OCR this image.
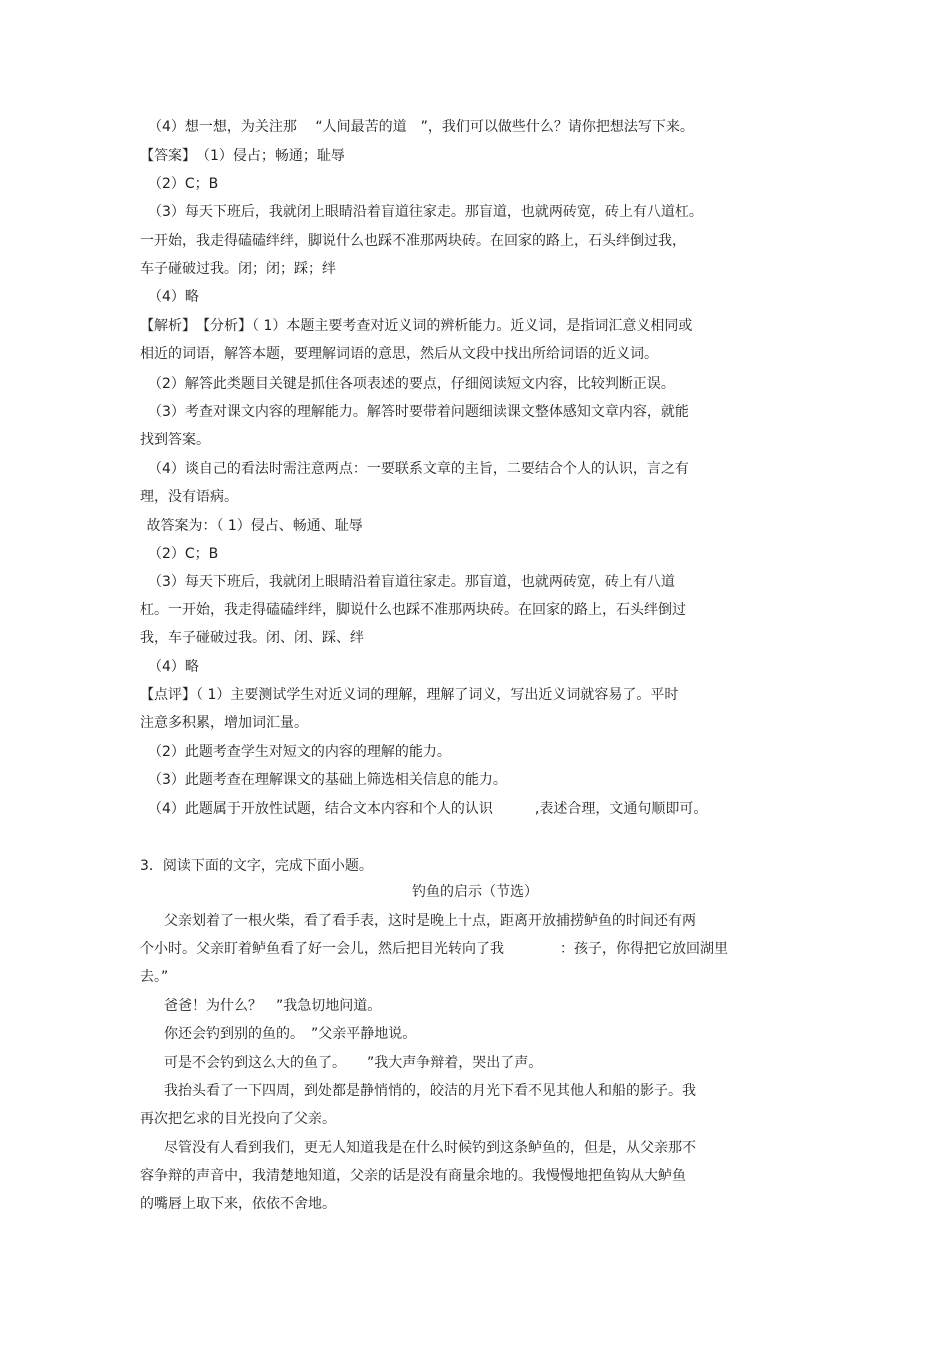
（4）想一想，为关注那　 “人间最苦的道　”，我们可以做些什么？请你把想法写下来。
【答案】　（1）侵占；畅通；耻辱
（2）C；B
（3）每天下班后，我就闭上眼睛沿着盲道往家走。那盲道，也就两砖宽，砖上有八道杠。
一开始，我走得磕磕绊绊，脚说什么也踩不准那两块砖。在回家的路上，石头绊倒过我，
车子碰破过我。闭；闭；踩；绊
（4）略
【解析】　【分析】（ 1）本题主要考查对近义词的辨析能力。近义词，是指词汇意义相同或
相近的词语，解答本题，要理解词语的意思，然后从文段中找出所给词语的近义词。
（2）解答此类题目关键是抓住各项表述的要点，仔细阅读短文内容，比较判断正误。
（3）考查对课文内容的理解能力。解答时要带着问题细读课文整体感知文章内容，就能
找到答案。
（4）谈自己的看法时需注意两点：一要联系文章的主旨，二要结合个人的认识，言之有
理，没有语病。
故答案为：（ 1）侵占、畅通、耻辱
（2）C；B
（3）每天下班后，我就闭上眼睛沿着盲道往家走。那盲道，也就两砖宽，砖上有八道
杠。一开始，我走得磕磕绊绊，脚说什么也踩不准那两块砖。在回家的路上，石头绊倒过
我，车子碰破过我。闭、闭、踩、绊
（4）略
【点评】（ 1）主要测试学生对近义词的理解，理解了词义，写出近义词就容易了。平时
注意多积累，增加词汇量。
（2）此题考查学生对短文的内容的理解的能力。
（3）此题考查在理解课文的基础上筛选相关信息的能力。
（4）此题属于开放性试题，结合文本内容和个人的认识　　　,表述合理，文通句顺即可。
3．阅读下面的文字，完成下面小题。
钓鱼的启示（节选）
父亲划着了一根火柴，看了看手表，这时是晚上十点，距离开放捕捞鲈鱼的时间还有两
个小时。父亲盯着鲈鱼看了好一会儿，然后把目光转向了我　　　　：孩子，你得把它放回湖里
去。”
爸爸！为什么？　”我急切地问道。
你还会钓到别的鱼的。　”父亲平静地说。
可是不会钓到这么大的鱼了。　　”我大声争辩着，哭出了声。
我抬头看了一下四周，到处都是静悄悄的，皎洁的月光下看不见其他人和船的影子。我
再次把乞求的目光投向了父亲。
尽管没有人看到我们，更无人知道我是在什么时候钓到这条鲈鱼的，但是，从父亲那不
容争辩的声音中，我清楚地知道，父亲的话是没有商量余地的。我慢慢地把鱼钩从大鲈鱼
的嘴唇上取下来，依依不舍地。
